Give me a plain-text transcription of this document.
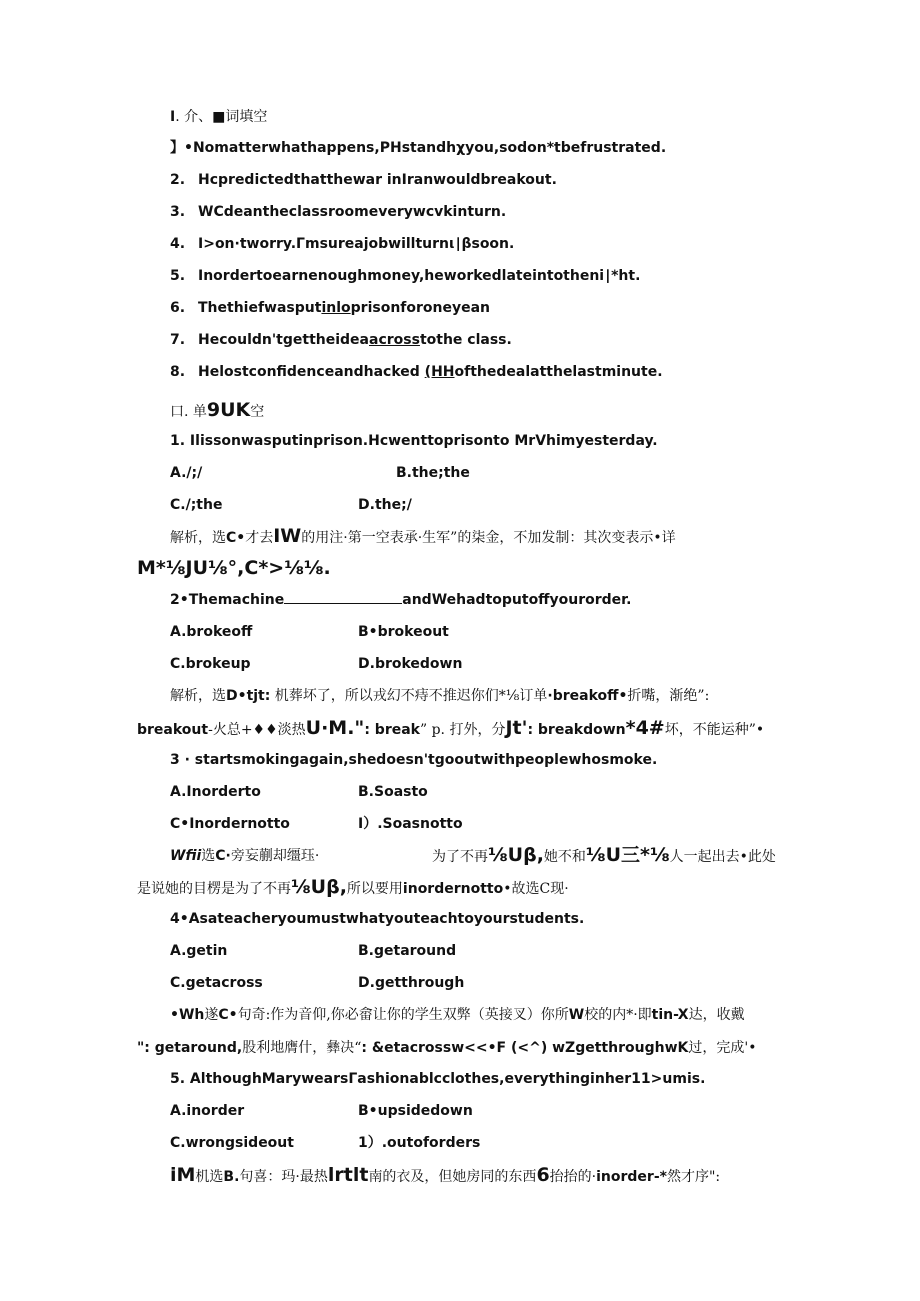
I. 介、■词填空
】•Nomatterwhathappens,PHstandhχyou,sodon*tbefrustrated.
2. Hcpredictedthatthewar inIranwouldbreakout.
3. WCdeantheclassroomeverywcvkinturn.
4. I>on·tworry.Γmsureajobwillturnι∣βsoon.
5. Inordertoearnenoughmoney,heworkedlateintotheni∣*ht.
6. Thethiefwasputinloprisonforoneyean
7. Hecouldn'tgettheideaacrosstothe class.
8. Helostconfidenceandhacked (HHofthedealatthelastminute.
口. 单9UK空
1. Ilissonwasputinprison.Hcwenttoprisonto MrVhimyesterday.
A./;/	B.the;the
C./;the	D.the;/
解析，选C•才去IW的用注·第一空表承·生军”的柒金，不加发制：其次变表示•详
M*⅛JU⅛°,C*>⅛⅛.
2•Themachine	andWehadtoputoffyourorder.
A.brokeoff	B•brokeout
C.brokeup	D.brokedown
解析，选D•tjt: 机葬坏了，所以戎幻不痔不推迟你们*⅛订单·breakoff•折嘴，渐绝”:
breakout-火总+♦♦淡热U·M.": break” p. 打外，分Jt': breakdown*4#坏，不能运种”•
3 · startsmokingagain,shedoesn'tgooutwithpeoplewhosmoke.
A.Inorderto	B.Soasto
C•Inordernotto	I）.Soasnotto
Wfii选C·旁妄蒯却缰珏·	为了不再⅛Uβ,她不和⅛U三*⅛人一起出去•此处
是说她的目楞是为了不再⅛Uβ,所以要用inordernotto•故选C现·
4•Asateacheryoumustwhatyouteachtoyourstudents.
A.getin	B.getaround
C.getacross	D.getthrough
•Wh遂C•句奇:作为音仰,你必畲让你的学生双弊（英接叉）你所W校的内*·即tin-X达，收戴
": getaround,股利地膺什，彝决“: &etacrossw<<•F (<^) wZgetthroughwK过，完成'•
5. AlthoughMarywearsΓashionablcclothes,everythinginher11>umis.
A.inorder	B•upsidedown
C.wrongsideout	1）.outoforders
iM机选B.句喜：玛·最热lrtlt南的衣及，但她房同的东西6抬抬的·inorder-*然才序":
